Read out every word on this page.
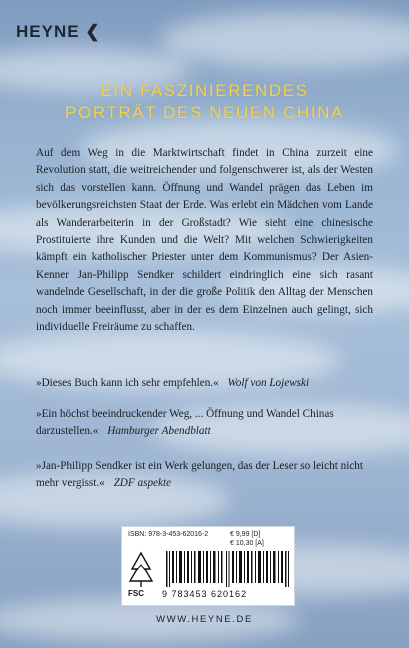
HEYNE ❮
EIN FASZINIERENDES
PORTRÄT DES NEUEN CHINA
Auf dem Weg in die Marktwirtschaft findet in China zurzeit eine Revolution statt, die weitreichender und folgenschwerer ist, als der Westen sich das vorstellen kann. Öffnung und Wandel prägen das Leben im bevölkerungsreichsten Staat der Erde. Was erlebt ein Mädchen vom Lande als Wanderarbeiterin in der Großstadt? Wie sieht eine chinesische Prostituierte ihre Kunden und die Welt? Mit welchen Schwierigkeiten kämpft ein katholischer Priester unter dem Kommunismus? Der Asien-Kenner Jan-Philipp Sendker schildert eindringlich eine sich rasant wandelnde Gesellschaft, in der die große Politik den Alltag der Menschen noch immer beeinflusst, aber in der es dem Einzelnen auch gelingt, sich individuelle Freiräume zu schaffen.
»Dieses Buch kann ich sehr empfehlen.« Wolf von Lojewski
»Ein höchst beeindruckender Weg, ... Öffnung und Wandel Chinas darzustellen.« Hamburger Abendblatt
»Jan-Philipp Sendker ist ein Werk gelungen, das der Leser so leicht nicht mehr vergisst.« ZDF aspekte
ISBN: 978-3-453-62016-2	€ 9,99 [D]
€ 10,30 [A]
FSC 9 783453 620162
WWW.HEYNE.DE
